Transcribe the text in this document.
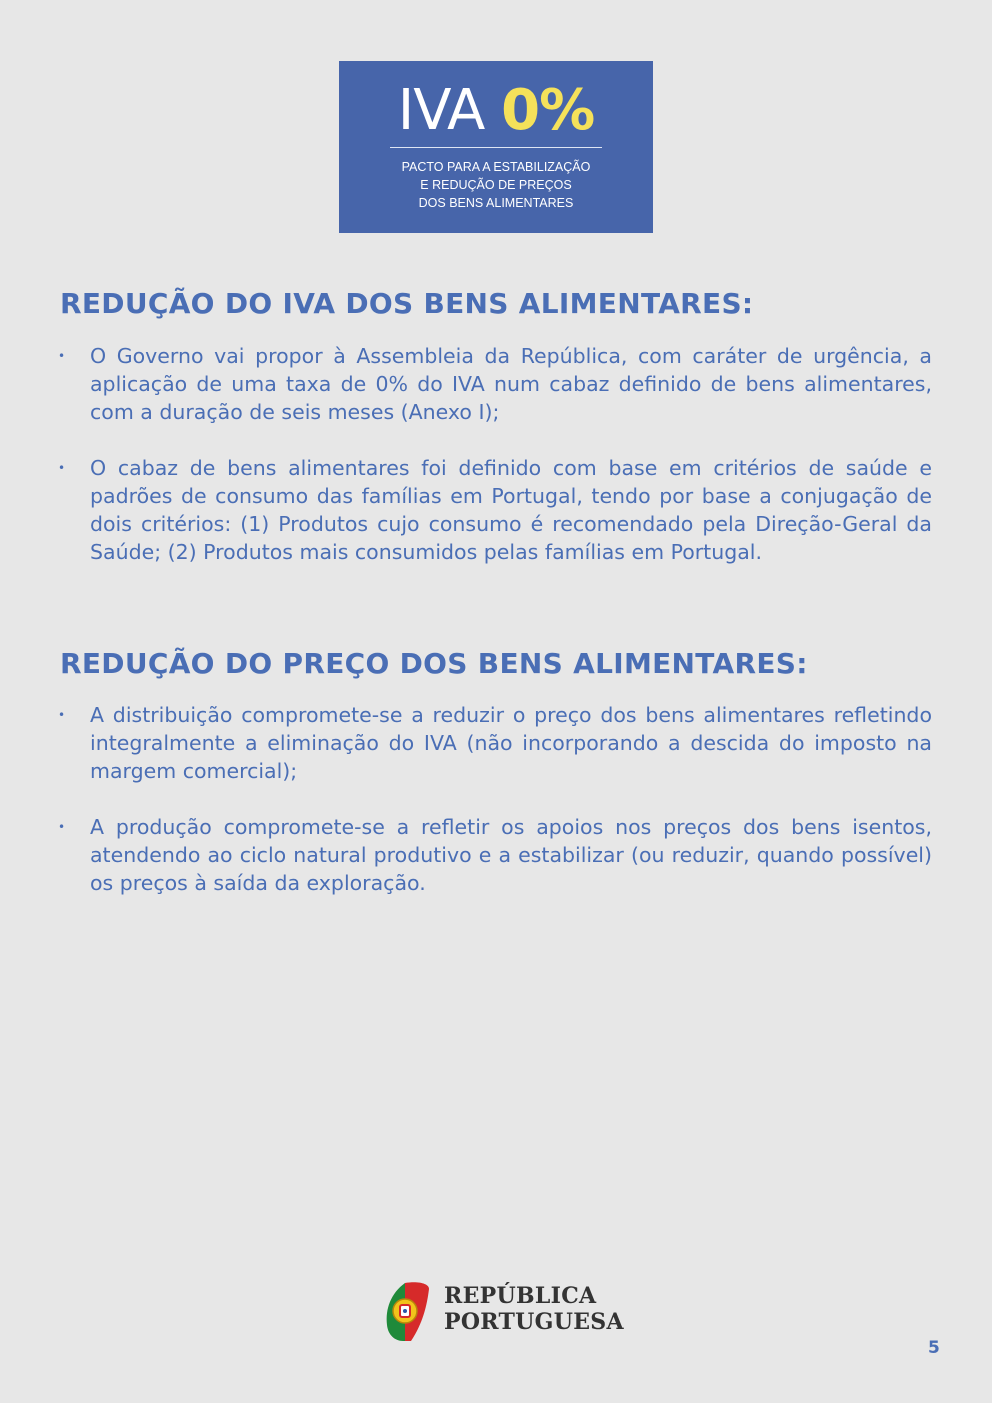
IVA 0%
PACTO PARA A ESTABILIZAÇÃO
E REDUÇÃO DE PREÇOS
DOS BENS ALIMENTARES
REDUÇÃO DO IVA DOS BENS ALIMENTARES:
• O Governo vai propor à Assembleia da República, com caráter de urgência, a aplicação de uma taxa de 0% do IVA num cabaz definido de bens alimentares, com a duração de seis meses (Anexo I);
• O cabaz de bens alimentares foi definido com base em critérios de saúde e padrões de consumo das famílias em Portugal, tendo por base a conjugação de dois critérios: (1) Produtos cujo consumo é recomendado pela Direção-Geral da Saúde; (2) Produtos mais consumidos pelas famílias em Portugal.
REDUÇÃO DO PREÇO DOS BENS ALIMENTARES:
• A distribuição compromete-se a reduzir o preço dos bens alimentares refletindo integralmente a eliminação do IVA (não incorporando a descida do imposto na margem comercial);
• A produção compromete-se a refletir os apoios nos preços dos bens isentos, atendendo ao ciclo natural produtivo e a estabilizar (ou reduzir, quando possível) os preços à saída da exploração.
REPÚBLICA
PORTUGUESA
5
